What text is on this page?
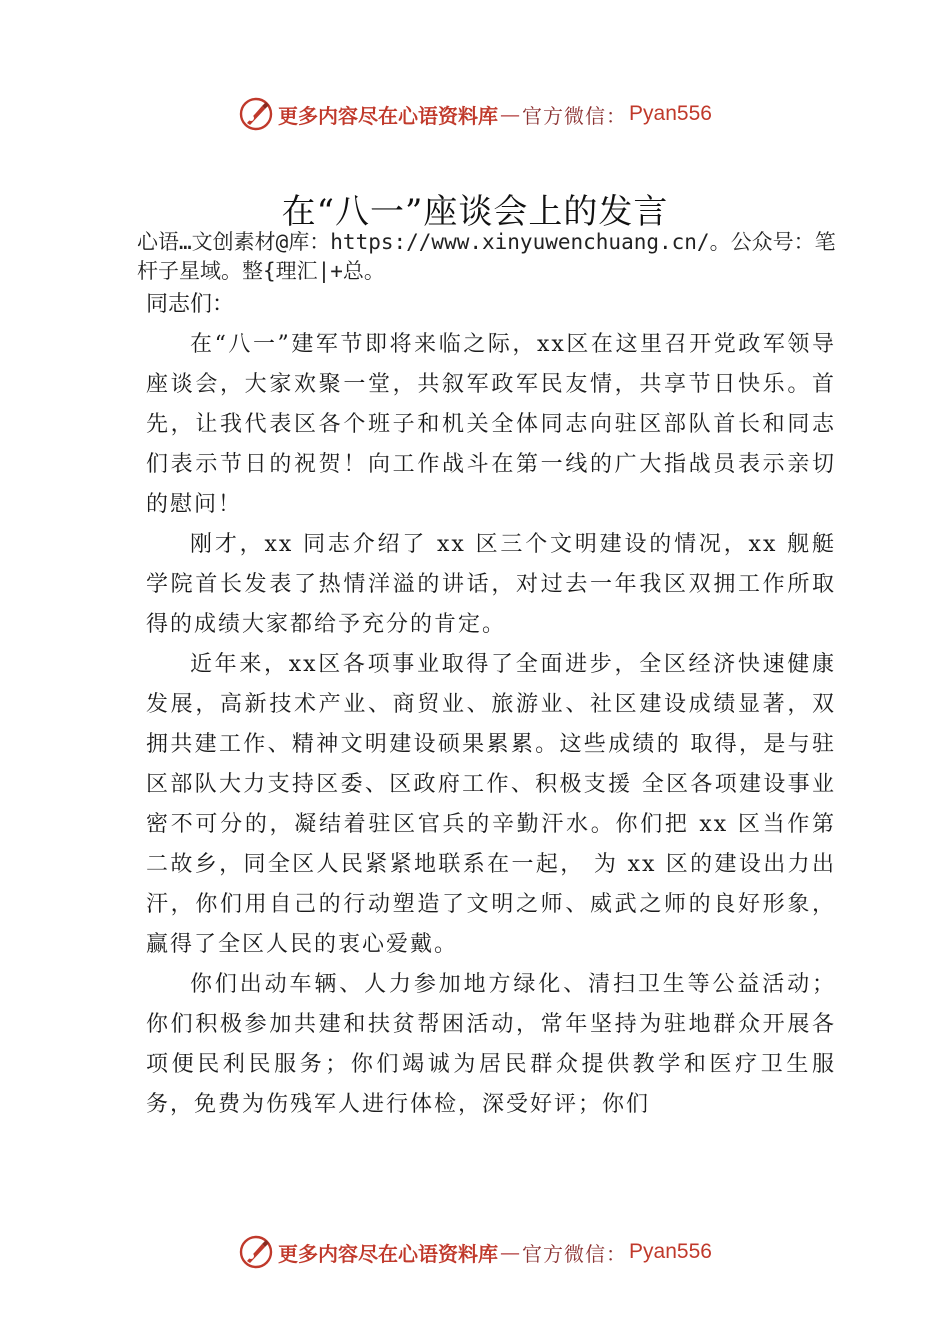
更多内容尽在心语资料库 — 官方微信： Pyan556
在“八一”座谈会上的发言
心语…文创素材@库：https://www.xinyuwenchuang.cn/。公众号：笔杆子星域。整{理汇|+总。

同志们：

在“八一”建军节即将来临之际，xx区在这里召开党政军领导座谈会，大家欢聚一堂，共叙军政军民友情，共享节日快乐。首先，让我代表区各个班子和机关全体同志向驻区部队首长和同志们表示节日的祝贺！向工作战斗在第一线的广大指战员表示亲切的慰问！

刚才，xx 同志介绍了 xx 区三个文明建设的情况，xx 舰艇学院首长发表了热情洋溢的讲话，对过去一年我区双拥工作所取得的成绩大家都给予充分的肯定。

近年来，xx区各项事业取得了全面进步，全区经济快速健康发展，高新技术产业、商贸业、旅游业、社区建设成绩显著，双拥共建工作、精神文明建设硕果累累。这些成绩的 取得，是与驻区部队大力支持区委、区政府工作、积极支援 全区各项建设事业密不可分的，凝结着驻区官兵的辛勤汗水。你们把 xx 区当作第二故乡，同全区人民紧紧地联系在一起， 为 xx 区的建设出力出汗，你们用自己的行动塑造了文明之师、威武之师的良好形象，赢得了全区人民的衷心爱戴。

你们出动车辆、人力参加地方绿化、清扫卫生等公益活动；你们积极参加共建和扶贫帮困活动，常年坚持为驻地群众开展各项便民利民服务；你们竭诚为居民群众提供教学和医疗卫生服务，免费为伤残军人进行体检，深受好评；你们

更多内容尽在心语资料库 — 官方微信： Pyan556
